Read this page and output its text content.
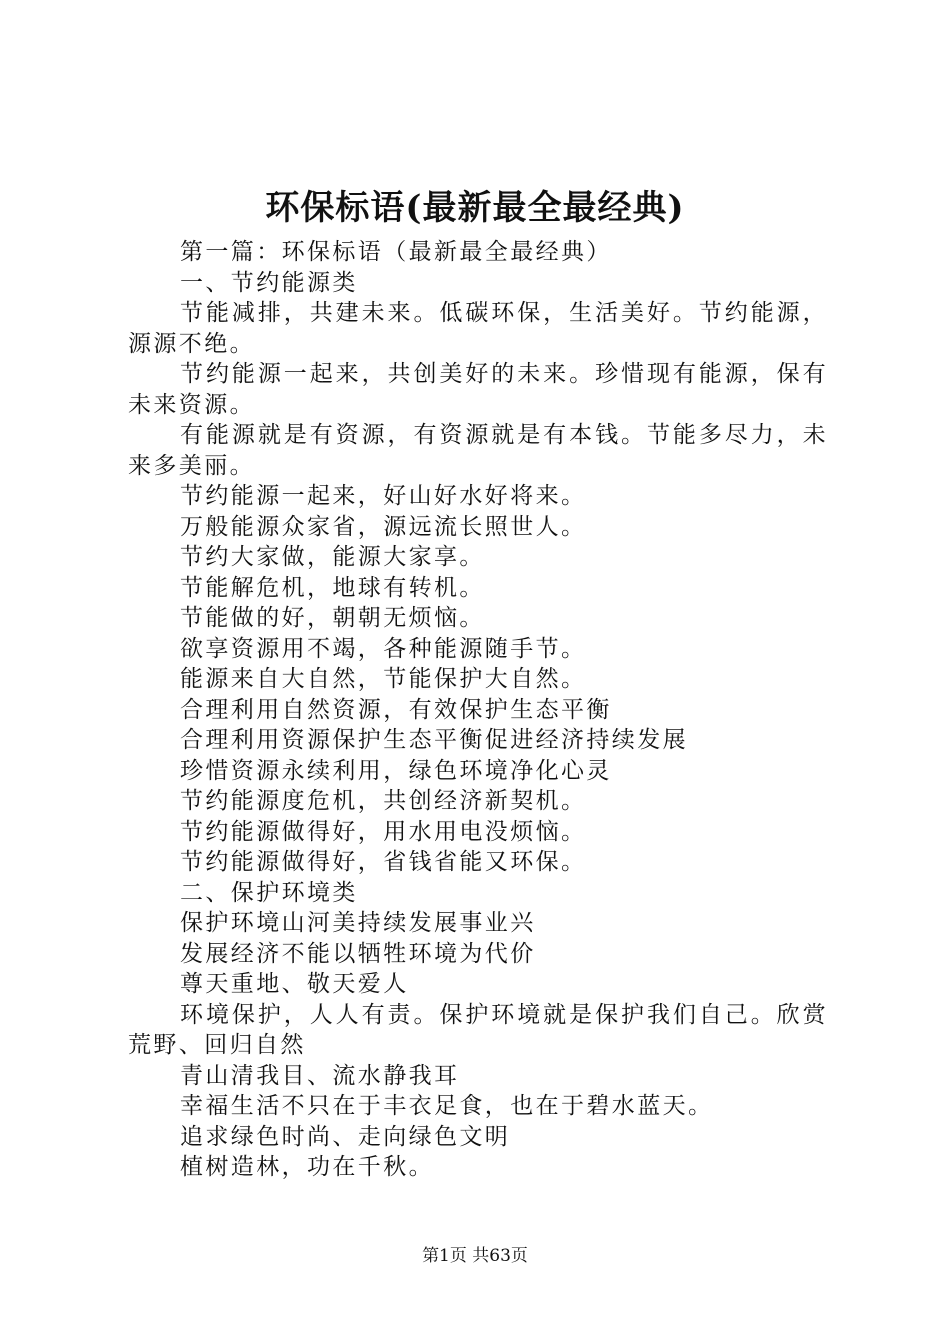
环保标语(最新最全最经典)

第一篇：环保标语（最新最全最经典）

一、节约能源类

节能减排，共建未来。低碳环保，生活美好。节约能源，源源不绝。

节约能源一起来，共创美好的未来。珍惜现有能源，保有未来资源。

有能源就是有资源，有资源就是有本钱。节能多尽力，未来多美丽。

节约能源一起来，好山好水好将来。

万般能源众家省，源远流长照世人。

节约大家做，能源大家享。

节能解危机，地球有转机。

节能做的好，朝朝无烦恼。

欲享资源用不竭，各种能源随手节。

能源来自大自然，节能保护大自然。

合理利用自然资源，有效保护生态平衡

合理利用资源保护生态平衡促进经济持续发展

珍惜资源永续利用，绿色环境净化心灵

节约能源度危机，共创经济新契机。

节约能源做得好，用水用电没烦恼。

节约能源做得好，省钱省能又环保。

二、保护环境类

保护环境山河美持续发展事业兴

发展经济不能以牺牲环境为代价

尊天重地、敬天爱人

环境保护，人人有责。保护环境就是保护我们自己。欣赏荒野、回归自然

青山清我目、流水静我耳

幸福生活不只在于丰衣足食，也在于碧水蓝天。

追求绿色时尚、走向绿色文明

植树造林，功在千秋。

第1页 共63页
